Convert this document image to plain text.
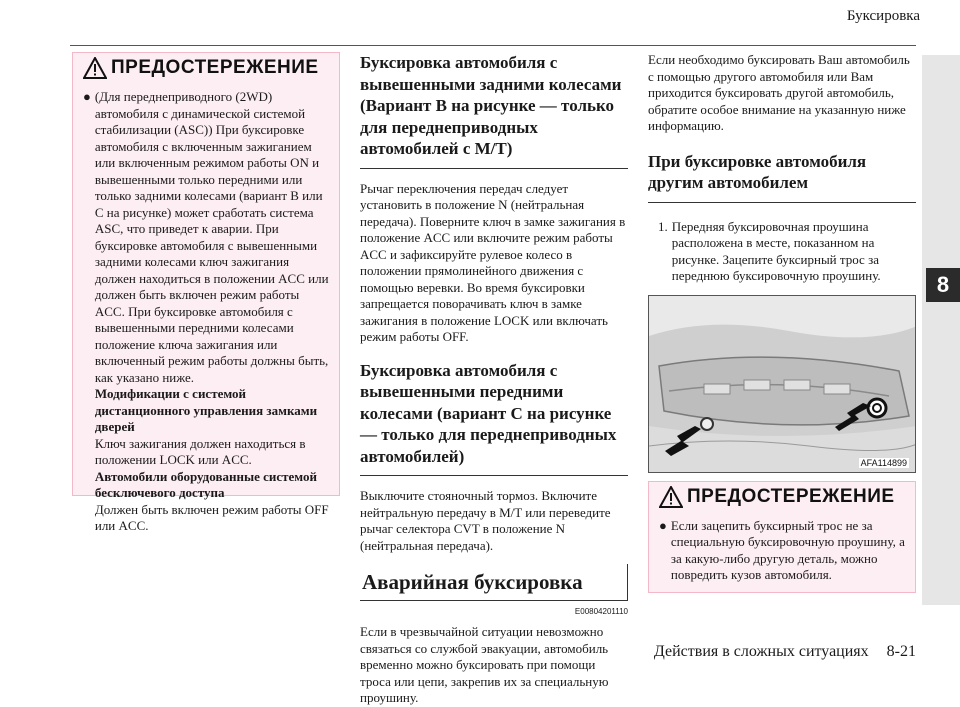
Буксировка
8
ПРЕДОСТЕРЕЖЕНИЕ
● (Для переднеприводного (2WD) автомобиля с динамической системой стабилизации (ASC)) При буксировке автомобиля с включенным зажиганием или включенным режимом работы ON и вывешенными только передними или только задними колесами (вариант B или C на рисунке) может сработать система ASC, что приведет к аварии. При буксировке автомобиля с вывешенными задними колесами ключ зажигания должен находиться в положении ACC или должен быть включен режим работы ACC. При буксировке автомобиля с вывешенными передними колесами положение ключа зажигания или включенный режим работы должны быть, как указано ниже.

Модификации с системой дистанционного управления замками дверей

Ключ зажигания должен находиться в положении LOCK или ACC.

Автомобили оборудованные системой бесключевого доступа

Должен быть включен режим работы OFF или ACC.

Буксировка автомобиля с вывешенными задними колесами (Вариант B на рисунке — только для переднеприводных автомобилей с M/T)

Рычаг переключения передач следует установить в положение N (нейтральная передача). Поверните ключ в замке зажигания в положение ACC или включите режим работы ACC и зафиксируйте рулевое колесо в положении прямолинейного движения с помощью веревки. Во время буксировки запрещается поворачивать ключ в замке зажигания в положение LOCK или включать режим работы OFF.

Буксировка автомобиля с вывешенными передними колесами (вариант C на рисунке — только для переднеприводных автомобилей)

Выключите стояночный тормоз. Включите нейтральную передачу в M/T или переведите рычаг селектора CVT в положение N (нейтральная передача).

Аварийная буксировка
E00804201110

Если в чрезвычайной ситуации невозможно связаться со службой эвакуации, автомобиль временно можно буксировать при помощи троса или цепи, закрепив их за специальную проушину.

Если необходимо буксировать Ваш автомобиль с помощью другого автомобиля или Вам приходится буксировать другой автомобиль, обратите особое внимание на указанную ниже информацию.

При буксировке автомобиля другим автомобилем
1. Передняя буксировочная проушина расположена в месте, показанном на рисунке. Зацепите буксирный трос за переднюю буксировочную проушину.
AFA114899
ПРЕДОСТЕРЕЖЕНИЕ
● Если зацепить буксирный трос не за специальную буксировочную проушину, а за какую-либо другую деталь, можно повредить кузов автомобиля.

Действия в сложных ситуациях 8-21
